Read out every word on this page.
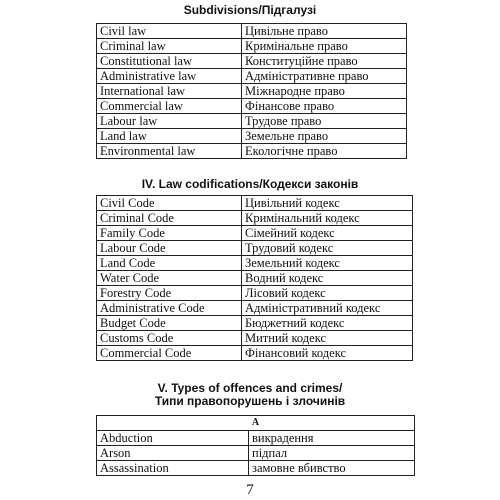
Subdivisions/Підгалузі
Civil law	Цивільне право
Criminal law	Кримінальне право
Constitutional law	Конституційне право
Administrative law	Адміністративне право
International law	Міжнародне право
Commercial law	Фінансове право
Labour law	Трудове право
Land law	Земельне право
Environmental law	Екологічне право
IV. Law codifications/Кодекси законів
Civil Code	Цивільний кодекс
Criminal Code	Кримінальний кодекс
Family Code	Сімейний кодекс
Labour Code	Трудовий кодекс
Land Code	Земельний кодекс
Water Code	Водний кодекс
Forestry Code	Лісовий кодекс
Administrative Code	Адміністративний кодекс
Budget Code	Бюджетний кодекс
Customs Code	Митний кодекс
Commercial Code	Фінансовий кодекс
V. Types of offences and crimes/
Типи правопорушень і злочинів
A	
Abduction	викрадення
Arson	підпал
Assassination	замовне вбивство
7
